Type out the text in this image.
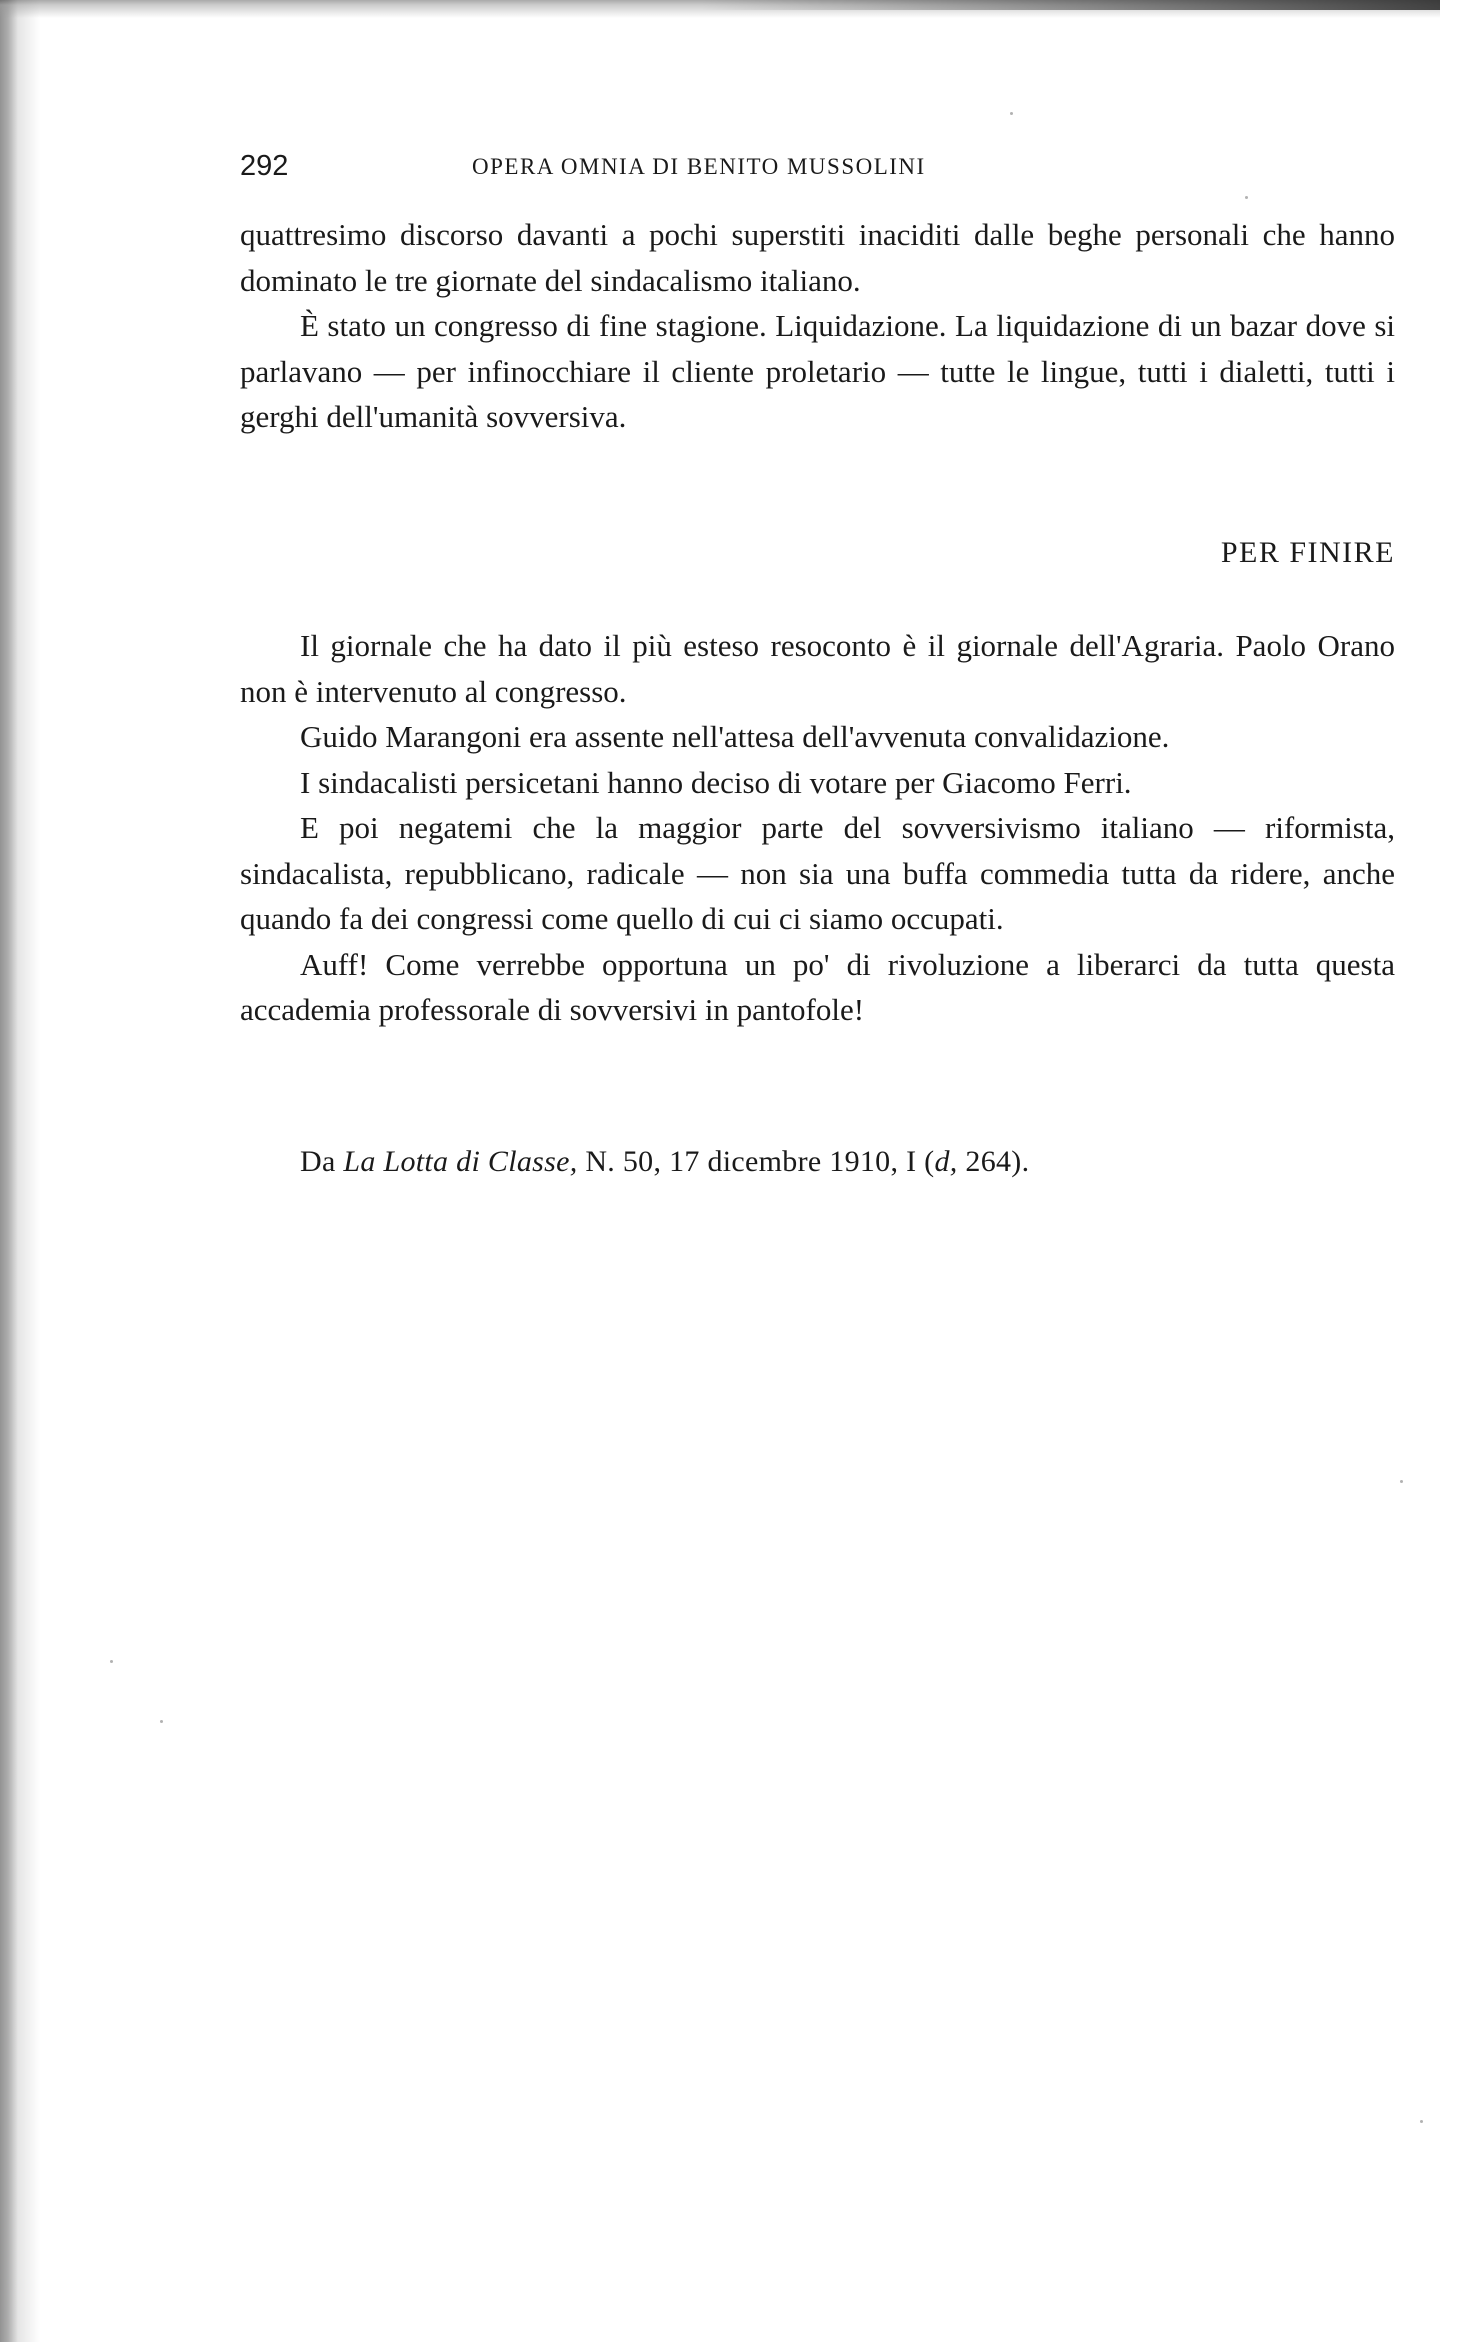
292	OPERA OMNIA DI BENITO MUSSOLINI

quattresimo discorso davanti a pochi superstiti inaciditi dalle beghe personali che hanno dominato le tre giornate del sindacalismo italiano.

È stato un congresso di fine stagione. Liquidazione. La liquidazione di un bazar dove si parlavano — per infinocchiare il cliente proletario — tutte le lingue, tutti i dialetti, tutti i gerghi dell'umanità sovversiva.

PER FINIRE

Il giornale che ha dato il più esteso resoconto è il giornale dell'Agraria. Paolo Orano non è intervenuto al congresso.

Guido Marangoni era assente nell'attesa dell'avvenuta convalidazione.

I sindacalisti persicetani hanno deciso di votare per Giacomo Ferri.

E poi negatemi che la maggior parte del sovversivismo italiano — riformista, sindacalista, repubblicano, radicale — non sia una buffa commedia tutta da ridere, anche quando fa dei congressi come quello di cui ci siamo occupati.

Auff! Come verrebbe opportuna un po' di rivoluzione a liberarci da tutta questa accademia professorale di sovversivi in pantofole!

Da La Lotta di Classe, N. 50, 17 dicembre 1910, I (d, 264).
